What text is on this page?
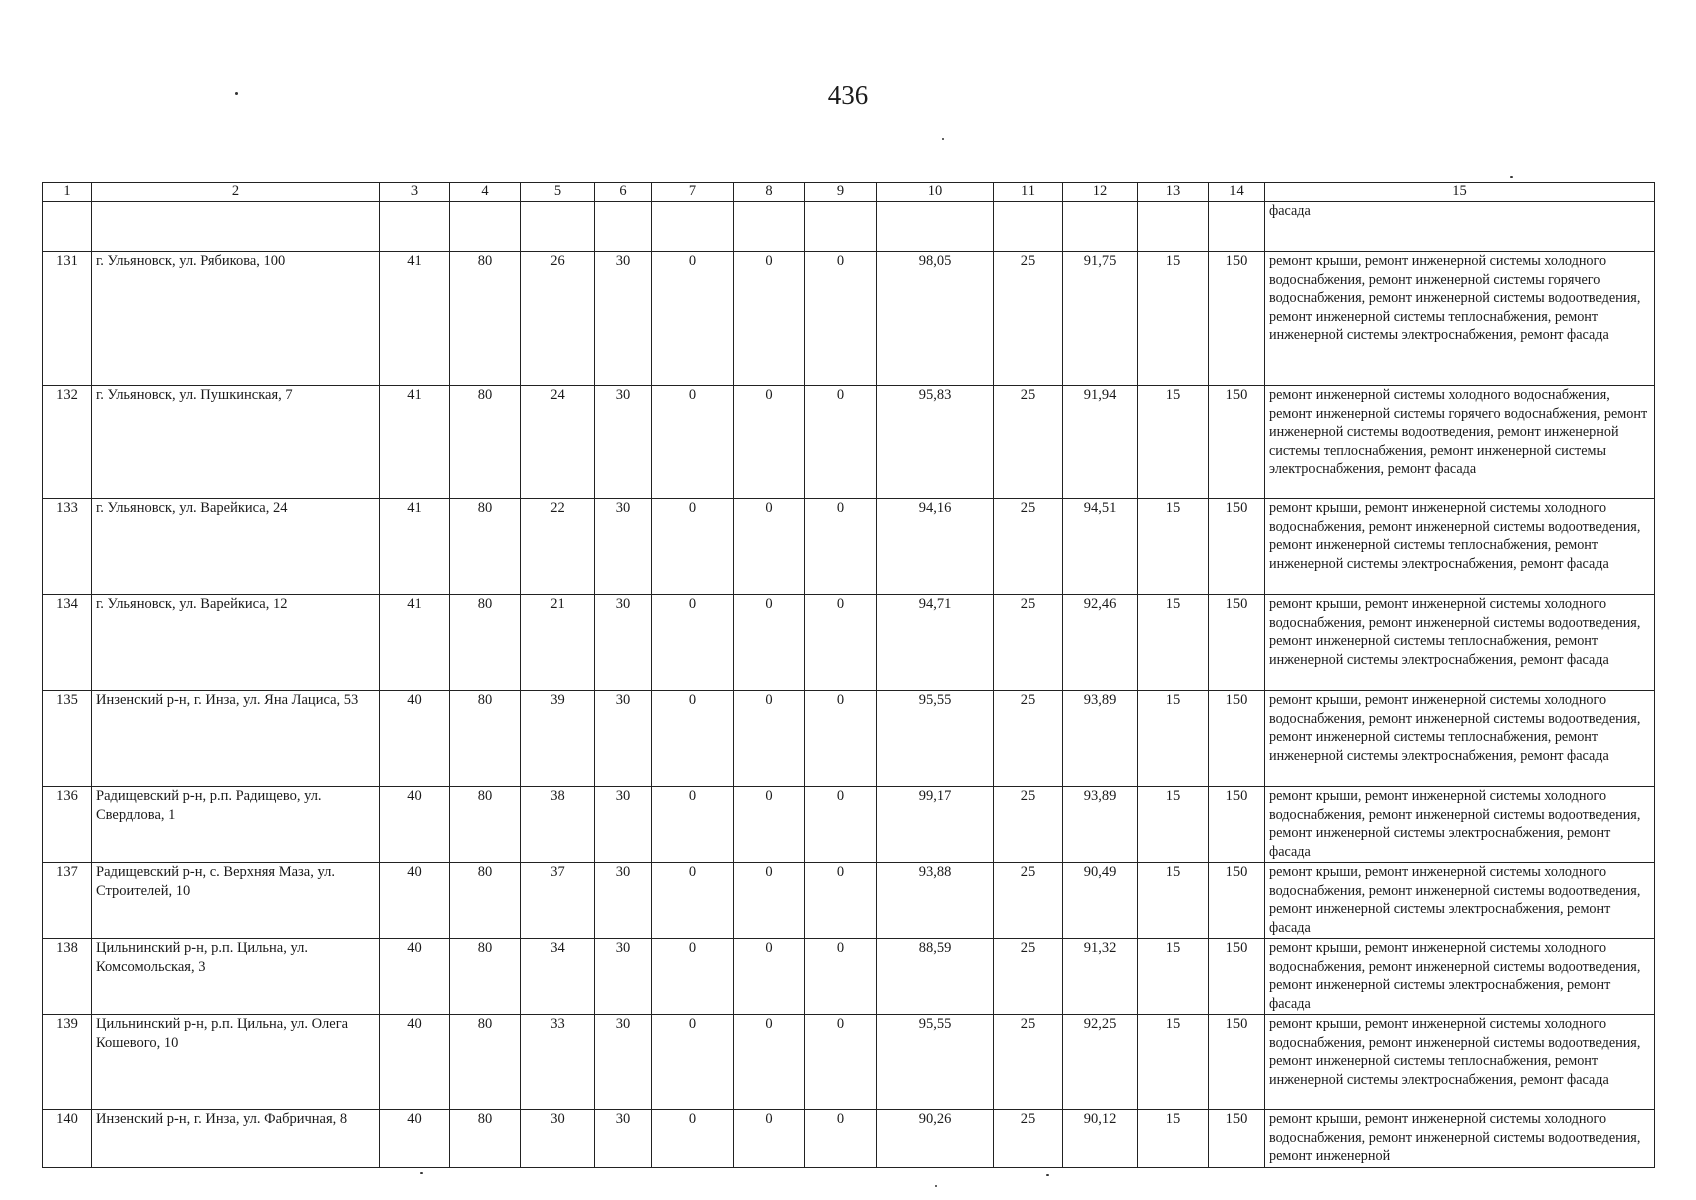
436
1	2	3	4	5	6	7	8	9	10	11	12	13	14	15
														фасада
131	г. Ульяновск, ул. Рябикова, 100	41	80	26	30	0	0	0	98,05	25	91,75	15	150	ремонт крыши, ремонт инженерной системы холодного водоснабжения, ремонт инженерной системы горячего водоснабжения, ремонт инженерной системы водоотведения, ремонт инженерной системы теплоснабжения, ремонт инженерной системы электроснабжения, ремонт фасада
132	г. Ульяновск, ул. Пушкинская, 7	41	80	24	30	0	0	0	95,83	25	91,94	15	150	ремонт инженерной системы холодного водоснабжения, ремонт инженерной системы горячего водоснабжения, ремонт инженерной системы водоотведения, ремонт инженерной системы теплоснабжения, ремонт инженерной системы электроснабжения, ремонт фасада
133	г. Ульяновск, ул. Варейкиса, 24	41	80	22	30	0	0	0	94,16	25	94,51	15	150	ремонт крыши, ремонт инженерной системы холодного водоснабжения, ремонт инженерной системы водоотведения, ремонт инженерной системы теплоснабжения, ремонт инженерной системы электроснабжения, ремонт фасада
134	г. Ульяновск, ул. Варейкиса, 12	41	80	21	30	0	0	0	94,71	25	92,46	15	150	ремонт крыши, ремонт инженерной системы холодного водоснабжения, ремонт инженерной системы водоотведения, ремонт инженерной системы теплоснабжения, ремонт инженерной системы электроснабжения, ремонт фасада
135	Инзенский р-н, г. Инза, ул. Яна Лациса, 53	40	80	39	30	0	0	0	95,55	25	93,89	15	150	ремонт крыши, ремонт инженерной системы холодного водоснабжения, ремонт инженерной системы водоотведения, ремонт инженерной системы теплоснабжения, ремонт инженерной системы электроснабжения, ремонт фасада
136	Радищевский р-н, р.п. Радищево, ул. Свердлова, 1	40	80	38	30	0	0	0	99,17	25	93,89	15	150	ремонт крыши, ремонт инженерной системы холодного водоснабжения, ремонт инженерной системы водоотведения, ремонт инженерной системы электроснабжения, ремонт фасада
137	Радищевский р-н, с. Верхняя Маза, ул. Строителей, 10	40	80	37	30	0	0	0	93,88	25	90,49	15	150	ремонт крыши, ремонт инженерной системы холодного водоснабжения, ремонт инженерной системы водоотведения, ремонт инженерной системы электроснабжения, ремонт фасада
138	Цильнинский р-н, р.п. Цильна, ул. Комсомольская, 3	40	80	34	30	0	0	0	88,59	25	91,32	15	150	ремонт крыши, ремонт инженерной системы холодного водоснабжения, ремонт инженерной системы водоотведения, ремонт инженерной системы электроснабжения, ремонт фасада
139	Цильнинский р-н, р.п. Цильна, ул. Олега Кошевого, 10	40	80	33	30	0	0	0	95,55	25	92,25	15	150	ремонт крыши, ремонт инженерной системы холодного водоснабжения, ремонт инженерной системы водоотведения, ремонт инженерной системы теплоснабжения, ремонт инженерной системы электроснабжения, ремонт фасада
140	Инзенский р-н, г. Инза, ул. Фабричная, 8	40	80	30	30	0	0	0	90,26	25	90,12	15	150	ремонт крыши, ремонт инженерной системы холодного водоснабжения, ремонт инженерной системы водоотведения, ремонт инженерной
